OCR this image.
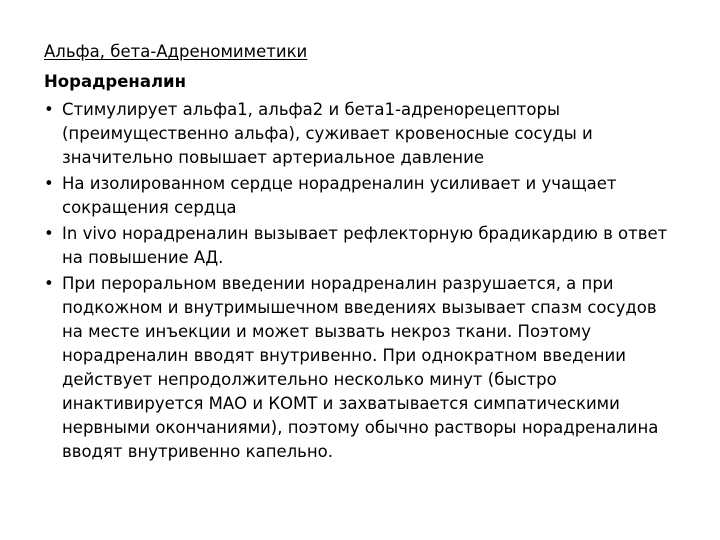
Альфа, бета-Адреномиметики

Норадреналин

• Стимулирует альфа1, альфа2 и бета1-адренорецепторы (преимущественно альфа), суживает кровеносные сосуды и значительно повышает артериальное давление
• На изолированном сердце норадреналин усиливает и учащает сокращения сердца
• In vivo норадреналин вызывает рефлекторную брадикардию в ответ на повышение АД.
• При пероральном введении норадреналин разрушается, а при подкожном и внутримышечном введениях вызывает спазм сосудов на месте инъекции и может вызвать некроз ткани. Поэтому норадреналин вводят внутривенно. При однократном введении действует непродолжительно несколько минут (быстро инактивируется МАО и КОМТ и захватывается симпатическими нервными окончаниями), поэтому обычно растворы норадреналина вводят внутривенно капельно.
